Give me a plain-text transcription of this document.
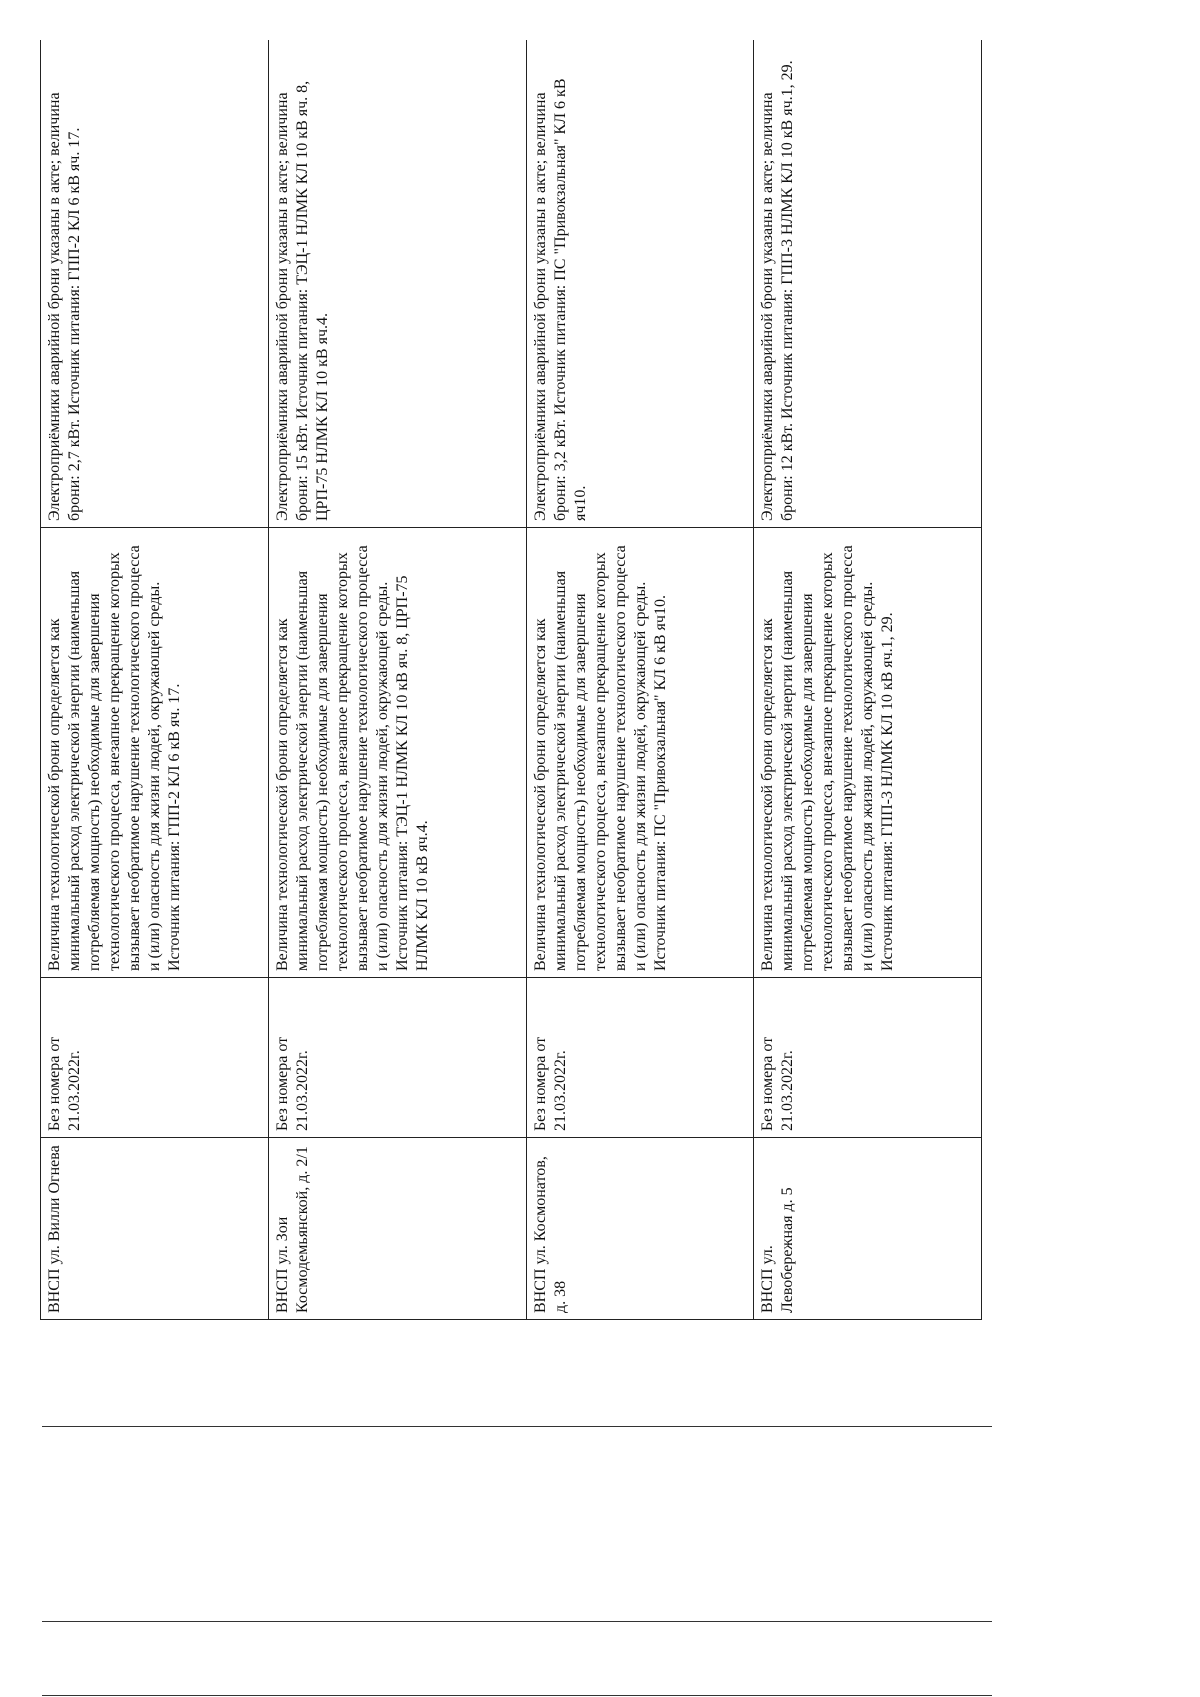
ВНСП ул. Вилли Огнева	Без номера от 21.03.2022г.	Величина технологической брони определяется как минимальный расход электрической энергии (наименьшая потребляемая мощность) необходимые для завершения технологического процесса, внезапное прекращение которых вызывает необратимое нарушение технологического процесса и (или) опасность для жизни людей, окружающей среды. Источник питания: ГПП-2 КЛ 6 кВ яч. 17.	Электроприёмники аварийной брони указаны в акте; величина брони: 2,7 кВт. Источник питания: ГПП-2 КЛ 6 кВ яч. 17.
ВНСП ул. Зои Космодемьянской, д. 2/1	Без номера от 21.03.2022г.	Величина технологической брони определяется как минимальный расход электрической энергии (наименьшая потребляемая мощность) необходимые для завершения технологического процесса, внезапное прекращение которых вызывает необратимое нарушение технологического процесса и (или) опасность для жизни людей, окружающей среды. Источник питания: ТЭЦ-1 НЛМК КЛ 10 кВ яч. 8, ЦРП-75 НЛМК КЛ 10 кВ яч.4.	Электроприёмники аварийной брони указаны в акте; величина брони: 15 кВт. Источник питания: ТЭЦ-1 НЛМК КЛ 10 кВ яч. 8, ЦРП-75 НЛМК КЛ 10 кВ яч.4.
ВНСП ул. Космонатов, д. 38	Без номера от 21.03.2022г.	Величина технологической брони определяется как минимальный расход электрической энергии (наименьшая потребляемая мощность) необходимые для завершения технологического процесса, внезапное прекращение которых вызывает необратимое нарушение технологического процесса и (или) опасность для жизни людей, окружающей среды. Источник питания: ПС "Привокзальная" КЛ 6 кВ яч10.	Электроприёмники аварийной брони указаны в акте; величина брони: 3,2 кВт. Источник питания: ПС "Привокзальная" КЛ 6 кВ яч10.
ВНСП ул. Левобережная д. 5	Без номера от 21.03.2022г.	Величина технологической брони определяется как минимальный расход электрической энергии (наименьшая потребляемая мощность) необходимые для завершения технологического процесса, внезапное прекращение которых вызывает необратимое нарушение технологического процесса и (или) опасность для жизни людей, окружающей среды. Источник питания: ГПП-3 НЛМК КЛ 10 кВ яч.1, 29.	Электроприёмники аварийной брони указаны в акте; величина брони: 12 кВт. Источник питания: ГПП-3 НЛМК КЛ 10 кВ яч.1, 29.
